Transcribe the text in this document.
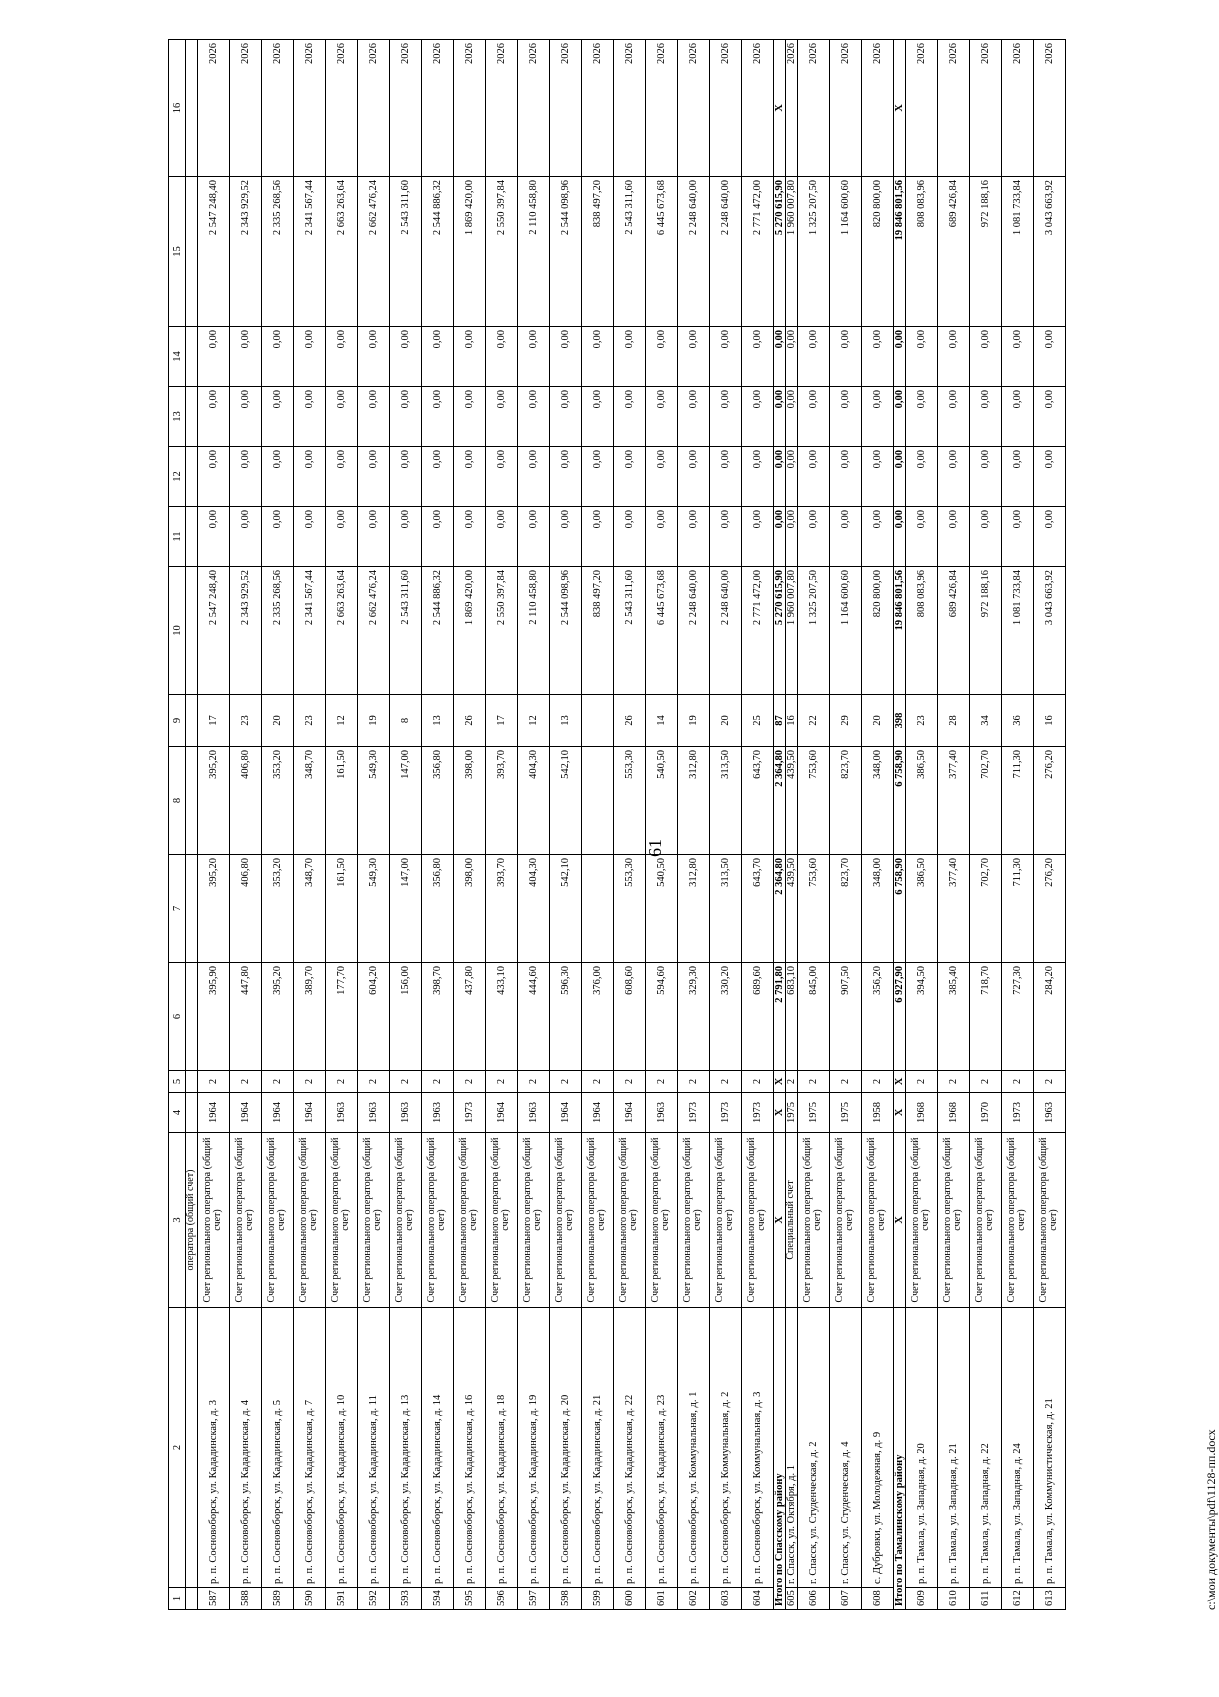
61
1	2	3	4	5	6	7	8	9	10	11	12	13	14	15	16
		оператора (общий счет)													
587	р. п. Сосновоборск, ул. Кададинская, д. 3	Счет регионального оператора (общий счет)	1964	2	395,90	395,20	395,20	17	2 547 248,40	0,00	0,00	0,00	0,00	2 547 248,40	2026
588	р. п. Сосновоборск, ул. Кададинская, д. 4	Счет регионального оператора (общий счет)	1964	2	447,80	406,80	406,80	23	2 343 929,52	0,00	0,00	0,00	0,00	2 343 929,52	2026
589	р. п. Сосновоборск, ул. Кададинская, д. 5	Счет регионального оператора (общий счет)	1964	2	395,20	353,20	353,20	20	2 335 268,56	0,00	0,00	0,00	0,00	2 335 268,56	2026
590	р. п. Сосновоборск, ул. Кададинская, д. 7	Счет регионального оператора (общий счет)	1964	2	389,70	348,70	348,70	23	2 341 567,44	0,00	0,00	0,00	0,00	2 341 567,44	2026
591	р. п. Сосновоборск, ул. Кададинская, д. 10	Счет регионального оператора (общий счет)	1963	2	177,70	161,50	161,50	12	2 663 263,64	0,00	0,00	0,00	0,00	2 663 263,64	2026
592	р. п. Сосновоборск, ул. Кададинская, д. 11	Счет регионального оператора (общий счет)	1963	2	604,20	549,30	549,30	19	2 662 476,24	0,00	0,00	0,00	0,00	2 662 476,24	2026
593	р. п. Сосновоборск, ул. Кададинская, д. 13	Счет регионального оператора (общий счет)	1963	2	156,00	147,00	147,00	8	2 543 311,60	0,00	0,00	0,00	0,00	2 543 311,60	2026
594	р. п. Сосновоборск, ул. Кададинская, д. 14	Счет регионального оператора (общий счет)	1963	2	398,70	356,80	356,80	13	2 544 886,32	0,00	0,00	0,00	0,00	2 544 886,32	2026
595	р. п. Сосновоборск, ул. Кададинская, д. 16	Счет регионального оператора (общий счет)	1973	2	437,80	398,00	398,00	26	1 869 420,00	0,00	0,00	0,00	0,00	1 869 420,00	2026
596	р. п. Сосновоборск, ул. Кададинская, д. 18	Счет регионального оператора (общий счет)	1964	2	433,10	393,70	393,70	17	2 550 397,84	0,00	0,00	0,00	0,00	2 550 397,84	2026
597	р. п. Сосновоборск, ул. Кададинская, д. 19	Счет регионального оператора (общий счет)	1963	2	444,60	404,30	404,30	12	2 110 458,80	0,00	0,00	0,00	0,00	2 110 458,80	2026
598	р. п. Сосновоборск, ул. Кададинская, д. 20	Счет регионального оператора (общий счет)	1964	2	596,30	542,10	542,10	13	2 544 098,96	0,00	0,00	0,00	0,00	2 544 098,96	2026
599	р. п. Сосновоборск, ул. Кададинская, д. 21	Счет регионального оператора (общий счет)	1964	2	376,00				838 497,20	0,00	0,00	0,00	0,00	838 497,20	2026
600	р. п. Сосновоборск, ул. Кададинская, д. 22	Счет регионального оператора (общий счет)	1964	2	608,60	553,30	553,30	26	2 543 311,60	0,00	0,00	0,00	0,00	2 543 311,60	2026
601	р. п. Сосновоборск, ул. Кададинская, д. 23	Счет регионального оператора (общий счет)	1963	2	594,60	540,50	540,50	14	6 445 673,68	0,00	0,00	0,00	0,00	6 445 673,68	2026
602	р. п. Сосновоборск, ул. Коммунальная, д. 1	Счет регионального оператора (общий счет)	1973	2	329,30	312,80	312,80	19	2 248 640,00	0,00	0,00	0,00	0,00	2 248 640,00	2026
603	р. п. Сосновоборск, ул. Коммунальная, д. 2	Счет регионального оператора (общий счет)	1973	2	330,20	313,50	313,50	20	2 248 640,00	0,00	0,00	0,00	0,00	2 248 640,00	2026
604	р. п. Сосновоборск, ул. Коммунальная, д. 3	Счет регионального оператора (общий счет)	1973	2	689,60	643,70	643,70	25	2 771 472,00	0,00	0,00	0,00	0,00	2 771 472,00	2026
Итого по Спасскому району		Х	Х	Х	2 791,80	2 364,80	2 364,80	87	5 270 615,90	0,00	0,00	0,00	0,00	5 270 615,90	Х
605	г. Спасск, ул. Октября, д. 1	Специальный счет	1975	2	683,10	439,50	439,50	16	1 960 007,80	0,00	0,00	0,00	0,00	1 960 007,80	2026
606	г. Спасск, ул. Студенческая, д. 2	Счет регионального оператора (общий счет)	1975	2	845,00	753,60	753,60	22	1 325 207,50	0,00	0,00	0,00	0,00	1 325 207,50	2026
607	г. Спасск, ул. Студенческая, д. 4	Счет регионального оператора (общий счет)	1975	2	907,50	823,70	823,70	29	1 164 600,60	0,00	0,00	0,00	0,00	1 164 600,60	2026
608	с. Дубровки, ул. Молодежная, д. 9	Счет регионального оператора (общий счет)	1958	2	356,20	348,00	348,00	20	820 800,00	0,00	0,00	0,00	0,00	820 800,00	2026
Итого по Тамалинскому району		Х	Х	Х	6 927,90	6 758,90	6 758,90	398	19 846 801,56	0,00	0,00	0,00	0,00	19 846 801,56	Х
609	р. п. Тамала, ул. Западная, д. 20	Счет регионального оператора (общий счет)	1968	2	394,50	386,50	386,50	23	808 083,96	0,00	0,00	0,00	0,00	808 083,96	2026
610	р. п. Тамала, ул. Западная, д. 21	Счет регионального оператора (общий счет)	1968	2	385,40	377,40	377,40	28	689 426,84	0,00	0,00	0,00	0,00	689 426,84	2026
611	р. п. Тамала, ул. Западная, д. 22	Счет регионального оператора (общий счет)	1970	2	718,70	702,70	702,70	34	972 188,16	0,00	0,00	0,00	0,00	972 188,16	2026
612	р. п. Тамала, ул. Западная, д. 24	Счет регионального оператора (общий счет)	1973	2	727,30	711,30	711,30	36	1 081 733,84	0,00	0,00	0,00	0,00	1 081 733,84	2026
613	р. п. Тамала, ул. Коммунистическая, д. 21	Счет регионального оператора (общий счет)	1963	2	284,20	276,20	276,20	16	3 043 663,92	0,00	0,00	0,00	0,00	3 043 663,92	2026
c:\мои документы\pdf\1128-пп.docx
